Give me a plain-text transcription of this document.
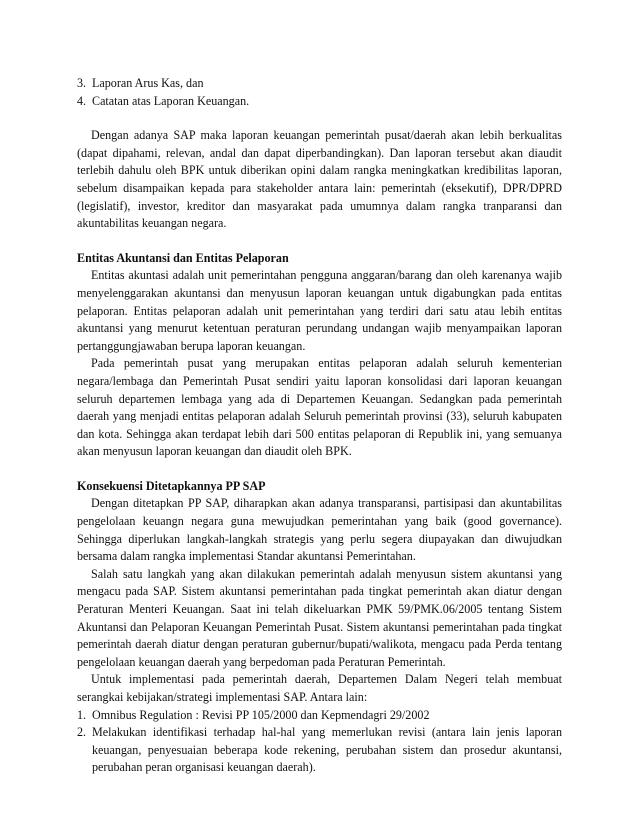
3. Laporan Arus Kas, dan
4. Catatan atas Laporan Keuangan.

Dengan adanya SAP maka laporan keuangan pemerintah pusat/daerah akan lebih berkualitas (dapat dipahami, relevan, andal dan dapat diperbandingkan). Dan laporan tersebut akan diaudit terlebih dahulu oleh BPK untuk diberikan opini dalam rangka meningkatkan kredibilitas laporan, sebelum disampaikan kepada para stakeholder antara lain: pemerintah (eksekutif), DPR/DPRD (legislatif), investor, kreditor dan masyarakat pada umumnya dalam rangka tranparansi dan akuntabilitas keuangan negara.

Entitas Akuntansi dan Entitas Pelaporan

Entitas akuntasi adalah unit pemerintahan pengguna anggaran/barang dan oleh karenanya wajib menyelenggarakan akuntansi dan menyusun laporan keuangan untuk digabungkan pada entitas pelaporan. Entitas pelaporan adalah unit pemerintahan yang terdiri dari satu atau lebih entitas akuntansi yang menurut ketentuan peraturan perundang undangan wajib menyampaikan laporan pertanggungjawaban berupa laporan keuangan.

Pada pemerintah pusat yang merupakan entitas pelaporan adalah seluruh kementerian negara/lembaga dan Pemerintah Pusat sendiri yaitu laporan konsolidasi dari laporan keuangan seluruh departemen lembaga yang ada di Departemen Keuangan. Sedangkan pada pemerintah daerah yang menjadi entitas pelaporan adalah Seluruh pemerintah provinsi (33), seluruh kabupaten dan kota. Sehingga akan terdapat lebih dari 500 entitas pelaporan di Republik ini, yang semuanya akan menyusun laporan keuangan dan diaudit oleh BPK.

Konsekuensi Ditetapkannya PP SAP

Dengan ditetapkan PP SAP, diharapkan akan adanya transparansi, partisipasi dan akuntabilitas pengelolaan keuangn negara guna mewujudkan pemerintahan yang baik (good governance). Sehingga diperlukan langkah-langkah strategis yang perlu segera diupayakan dan diwujudkan bersama dalam rangka implementasi Standar akuntansi Pemerintahan.

Salah satu langkah yang akan dilakukan pemerintah adalah menyusun sistem akuntansi yang mengacu pada SAP. Sistem akuntansi pemerintahan pada tingkat pemerintah akan diatur dengan Peraturan Menteri Keuangan. Saat ini telah dikeluarkan PMK 59/PMK.06/2005 tentang Sistem Akuntansi dan Pelaporan Keuangan Pemerintah Pusat. Sistem akuntansi pemerintahan pada tingkat pemerintah daerah diatur dengan peraturan gubernur/bupati/walikota, mengacu pada Perda tentang pengelolaan keuangan daerah yang berpedoman pada Peraturan Pemerintah.

Untuk implementasi pada pemerintah daerah, Departemen Dalam Negeri telah membuat serangkai kebijakan/strategi implementasi SAP. Antara lain:

1. Omnibus Regulation : Revisi PP 105/2000 dan Kepmendagri 29/2002
2. Melakukan identifikasi terhadap hal-hal yang memerlukan revisi (antara lain jenis laporan keuangan, penyesuaian beberapa kode rekening, perubahan sistem dan prosedur akuntansi, perubahan peran organisasi keuangan daerah).
